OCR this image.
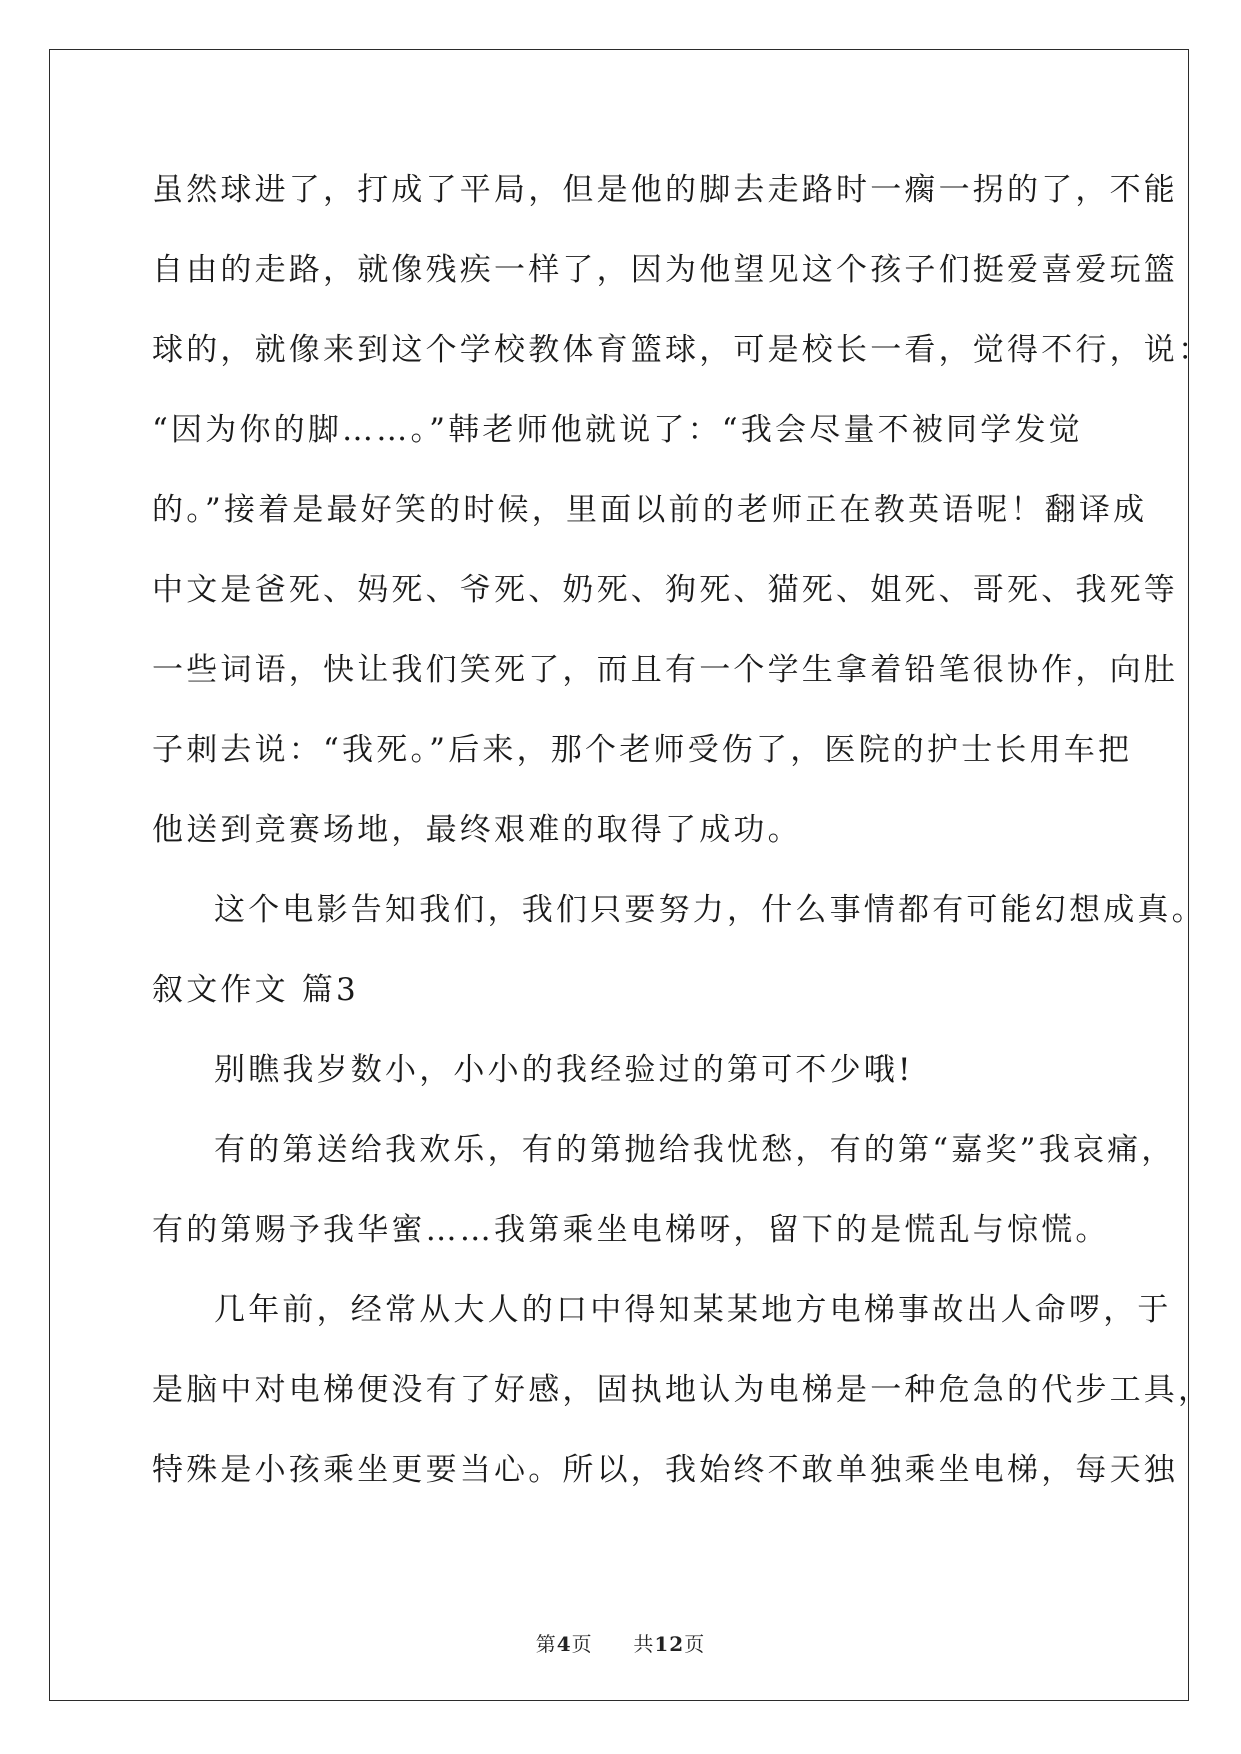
虽然球进了，打成了平局，但是他的脚去走路时一瘸一拐的了，不能
自由的走路，就像残疾一样了，因为他望见这个孩子们挺爱喜爱玩篮
球的，就像来到这个学校教体育篮球，可是校长一看，觉得不行，说：
“因为你的脚……。”韩老师他就说了：“我会尽量不被同学发觉
的。”接着是最好笑的时候，里面以前的老师正在教英语呢！翻译成
中文是爸死、妈死、爷死、奶死、狗死、猫死、姐死、哥死、我死等
一些词语，快让我们笑死了，而且有一个学生拿着铅笔很协作，向肚
子刺去说：“我死。”后来，那个老师受伤了，医院的护士长用车把
他送到竞赛场地，最终艰难的取得了成功。
这个电影告知我们，我们只要努力，什么事情都有可能幻想成真。
叙文作文 篇3
别瞧我岁数小，小小的我经验过的第可不少哦!
有的第送给我欢乐，有的第抛给我忧愁，有的第“嘉奖”我哀痛，
有的第赐予我华蜜……我第乘坐电梯呀，留下的是慌乱与惊慌。
几年前，经常从大人的口中得知某某地方电梯事故出人命啰，于
是脑中对电梯便没有了好感，固执地认为电梯是一种危急的代步工具，
特殊是小孩乘坐更要当心。所以，我始终不敢单独乘坐电梯，每天独
第4页 共12页
